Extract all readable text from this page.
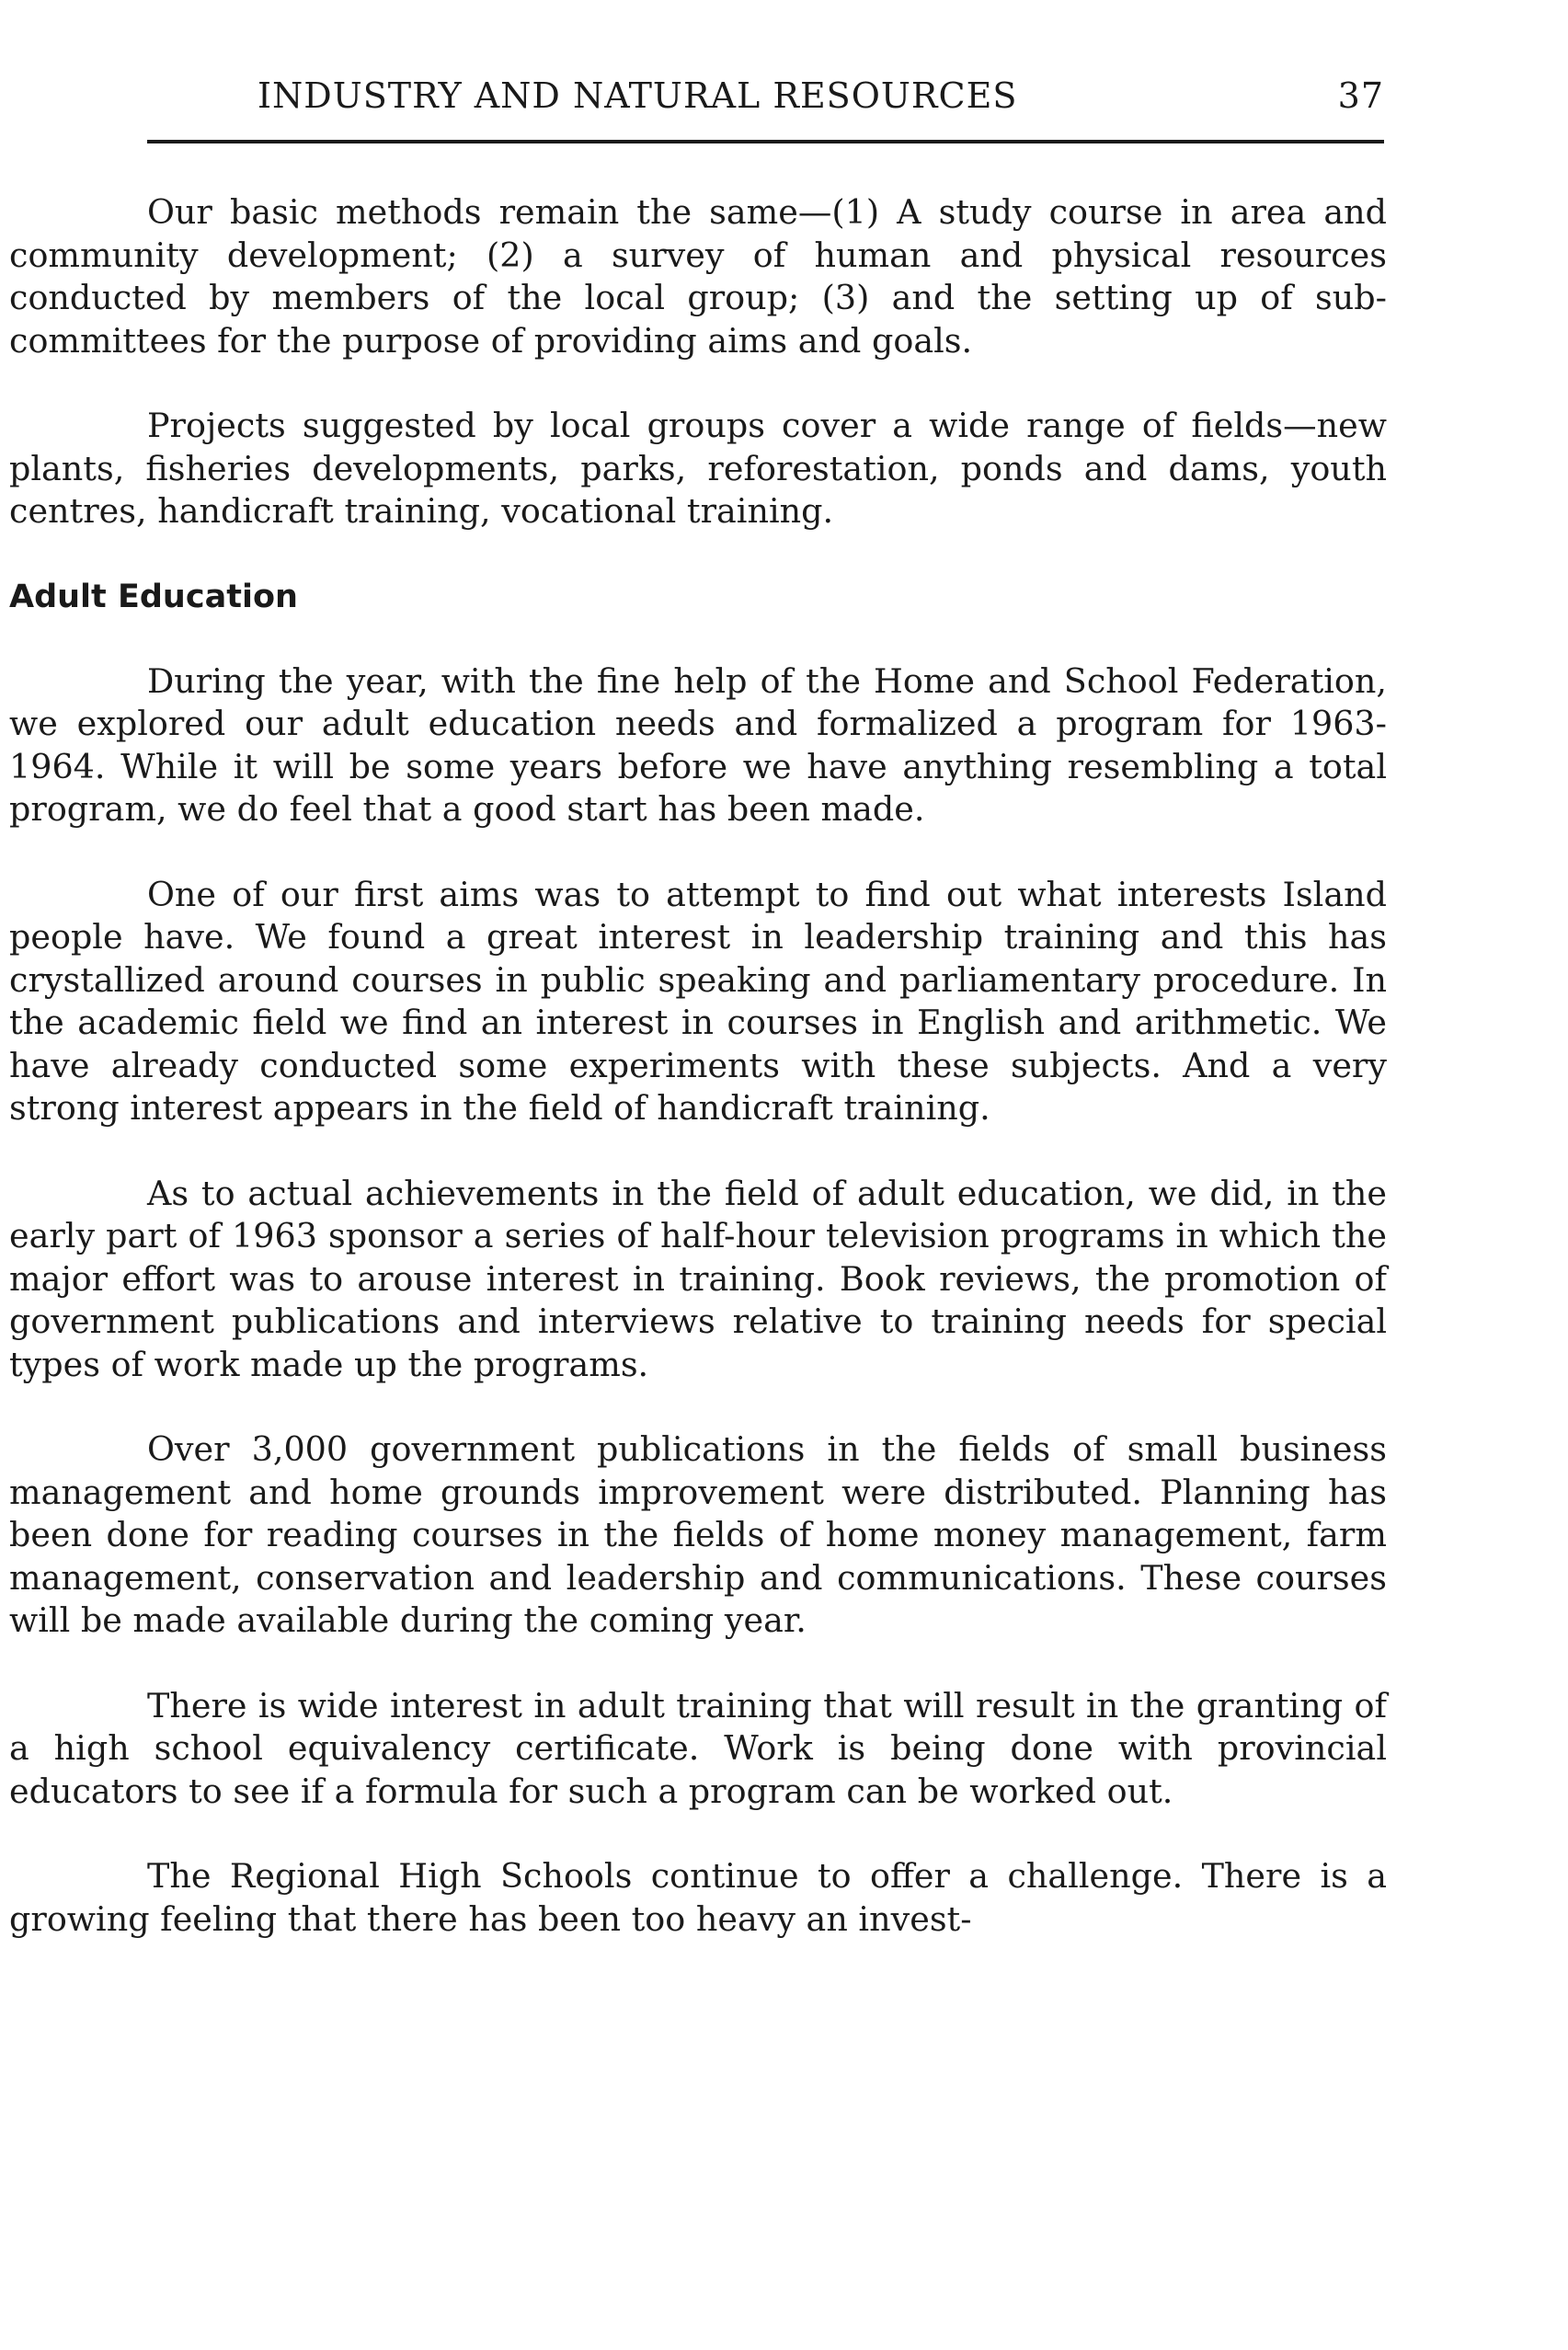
INDUSTRY AND NATURAL RESOURCES	37

Our basic methods remain the same—(1) A study course in area and community development; (2) a survey of human and physical resources conducted by members of the local group; (3) and the setting up of sub-committees for the purpose of providing aims and goals.

Projects suggested by local groups cover a wide range of fields—new plants, fisheries developments, parks, reforestation, ponds and dams, youth centres, handicraft training, vocational training.

Adult Education

During the year, with the fine help of the Home and School Federation, we explored our adult education needs and formalized a program for 1963-1964. While it will be some years before we have anything resembling a total program, we do feel that a good start has been made.

One of our first aims was to attempt to find out what interests Island people have. We found a great interest in leadership training and this has crystallized around courses in public speaking and parliamentary procedure. In the academic field we find an interest in courses in English and arithmetic. We have already conducted some experiments with these subjects. And a very strong interest appears in the field of handicraft training.

As to actual achievements in the field of adult education, we did, in the early part of 1963 sponsor a series of half-hour television programs in which the major effort was to arouse interest in training. Book reviews, the promotion of government publications and interviews relative to training needs for special types of work made up the programs.

Over 3,000 government publications in the fields of small business management and home grounds improvement were distributed. Planning has been done for reading courses in the fields of home money management, farm management, conservation and leadership and communications. These courses will be made available during the coming year.

There is wide interest in adult training that will result in the granting of a high school equivalency certificate. Work is being done with provincial educators to see if a formula for such a program can be worked out.

The Regional High Schools continue to offer a challenge. There is a growing feeling that there has been too heavy an invest-
